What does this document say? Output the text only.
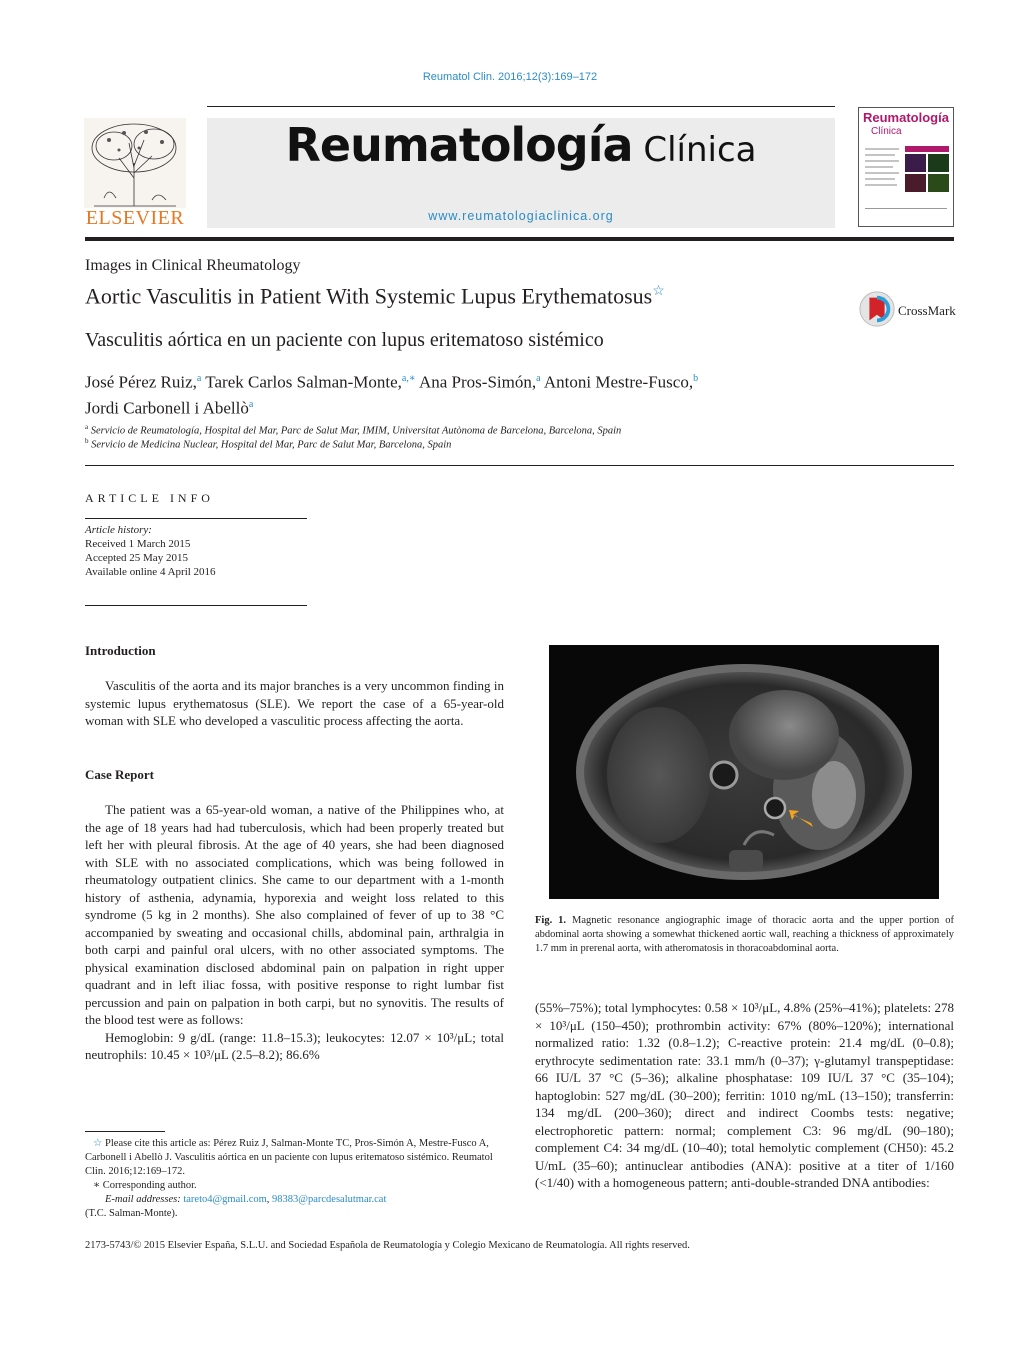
Reumatol Clin. 2016;12(3):169–172
ELSEVIER
Reumatología Clínica
www.reumatologiaclinica.org
Reumatología
Clínica
Images in Clinical Rheumatology
Aortic Vasculitis in Patient With Systemic Lupus Erythematosus☆
Vasculitis aórtica en un paciente con lupus eritematoso sistémico
CrossMark
José Pérez Ruiz,$^a$ Tarek Carlos Salman-Monte,$^{a,∗}$ Ana Pros-Simón,$^a$ Antoni Mestre-Fusco,$^b$
Jordi Carbonell i Abellò$^a$
$^a$ Servicio de Reumatología, Hospital del Mar, Parc de Salut Mar, IMIM, Universitat Autònoma de Barcelona, Barcelona, Spain
$^b$ Servicio de Medicina Nuclear, Hospital del Mar, Parc de Salut Mar, Barcelona, Spain
ARTICLE INFO
Article history:
Received 1 March 2015
Accepted 25 May 2015
Available online 4 April 2016
Introduction

Vasculitis of the aorta and its major branches is a very uncommon finding in systemic lupus erythematosus (SLE). We report the case of a 65-year-old woman with SLE who developed a vasculitic process affecting the aorta.

Case Report

The patient was a 65-year-old woman, a native of the Philippines who, at the age of 18 years had had tuberculosis, which had been properly treated but left her with pleural fibrosis. At the age of 40 years, she had been diagnosed with SLE with no associated complications, which was being followed in rheumatology outpatient clinics. She came to our department with a 1-month history of asthenia, adynamia, hyporexia and weight loss related to this syndrome (5 kg in 2 months). She also complained of fever of up to 38 °C accompanied by sweating and occasional chills, abdominal pain, arthralgia in both carpi and painful oral ulcers, with no other associated symptoms. The physical examination disclosed abdominal pain on palpation in right upper quadrant and in left iliac fossa, with positive response to right lumbar fist percussion and pain on palpation in both carpi, but no synovitis. The results of the blood test were as follows:

Hemoglobin: 9 g/dL (range: 11.8–15.3); leukocytes: 12.07 × 10³/μL; total neutrophils: 10.45 × 10³/μL (2.5–8.2); 86.6%

☆ Please cite this article as: Pérez Ruiz J, Salman-Monte TC, Pros-Simón A, Mestre-Fusco A, Carbonell i Abellò J. Vasculitis aórtica en un paciente con lupus eritematoso sistémico. Reumatol Clin. 2016;12:169–172.

∗ Corresponding author.

E-mail addresses: tareto4@gmail.com, 98383@parcdesalutmar.cat

(T.C. Salman-Monte).

Fig. 1. Magnetic resonance angiographic image of thoracic aorta and the upper portion of abdominal aorta showing a somewhat thickened aortic wall, reaching a thickness of approximately 1.7 mm in prerenal aorta, with atheromatosis in thoracoabdominal aorta.

(55%–75%); total lymphocytes: 0.58 × 10³/μL, 4.8% (25%–41%); platelets: 278 × 10³/μL (150–450); prothrombin activity: 67% (80%–120%); international normalized ratio: 1.32 (0.8–1.2); C-reactive protein: 21.4 mg/dL (0–0.8); erythrocyte sedimentation rate: 33.1 mm/h (0–37); γ-glutamyl transpeptidase: 66 IU/L 37 °C (5–36); alkaline phosphatase: 109 IU/L 37 °C (35–104); haptoglobin: 527 mg/dL (30–200); ferritin: 1010 ng/mL (13–150); transferrin: 134 mg/dL (200–360); direct and indirect Coombs tests: negative; electrophoretic pattern: normal; complement C3: 96 mg/dL (90–180); complement C4: 34 mg/dL (10–40); total hemolytic complement (CH50): 45.2 U/mL (35–60); antinuclear antibodies (ANA): positive at a titer of 1/160 (<1/40) with a homogeneous pattern; anti-double-stranded DNA antibodies:

2173-5743/© 2015 Elsevier España, S.L.U. and Sociedad Española de Reumatología y Colegio Mexicano de Reumatología. All rights reserved.
